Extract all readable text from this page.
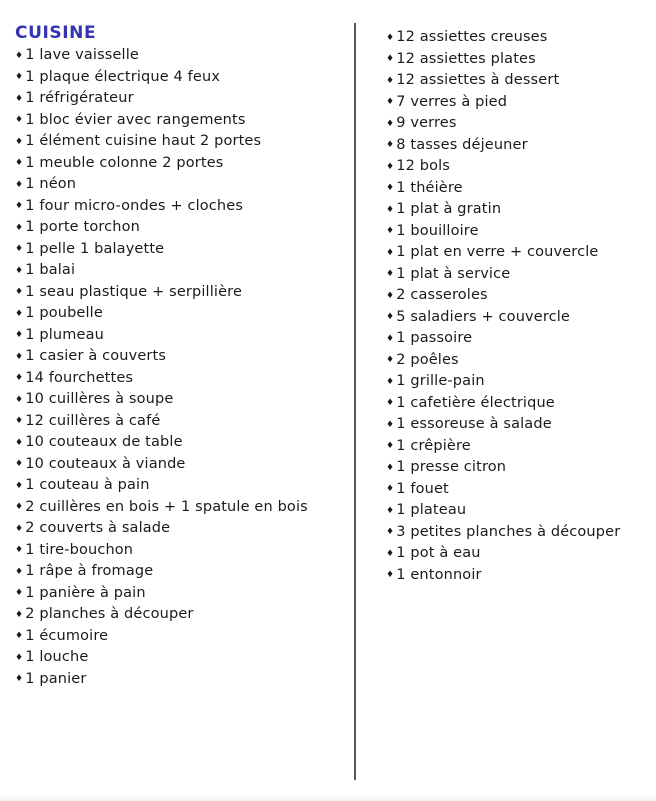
CUISINE
♦ 1 lave vaisselle
♦ 1 plaque électrique 4 feux
♦ 1 réfrigérateur
♦ 1 bloc évier avec rangements
♦ 1 élément cuisine haut 2 portes
♦ 1 meuble colonne 2 portes
♦ 1 néon
♦ 1 four micro-ondes + cloches
♦ 1 porte torchon
♦ 1 pelle 1 balayette
♦ 1 balai
♦ 1 seau plastique + serpillière
♦ 1 poubelle
♦ 1 plumeau
♦ 1 casier à couverts
♦ 14 fourchettes
♦ 10 cuillères à soupe
♦ 12 cuillères à café
♦ 10 couteaux de table
♦ 10 couteaux à viande
♦ 1 couteau à pain
♦ 2 cuillères en bois + 1 spatule en bois
♦ 2 couverts à salade
♦ 1 tire-bouchon
♦ 1 râpe à fromage
♦ 1 panière à pain
♦ 2 planches à découper
♦ 1 écumoire
♦ 1 louche
♦ 1 panier
♦ 12 assiettes creuses
♦ 12 assiettes plates
♦ 12 assiettes à dessert
♦ 7 verres à pied
♦ 9 verres
♦ 8 tasses déjeuner
♦ 12 bols
♦ 1 théière
♦ 1 plat à gratin
♦ 1 bouilloire
♦ 1 plat en verre + couvercle
♦ 1 plat à service
♦ 2 casseroles
♦ 5 saladiers + couvercle
♦ 1 passoire
♦ 2 poêles
♦ 1 grille-pain
♦ 1 cafetière électrique
♦ 1 essoreuse à salade
♦ 1 crêpière
♦ 1 presse citron
♦ 1 fouet
♦ 1 plateau
♦ 3 petites planches à découper
♦ 1 pot à eau
♦ 1 entonnoir
